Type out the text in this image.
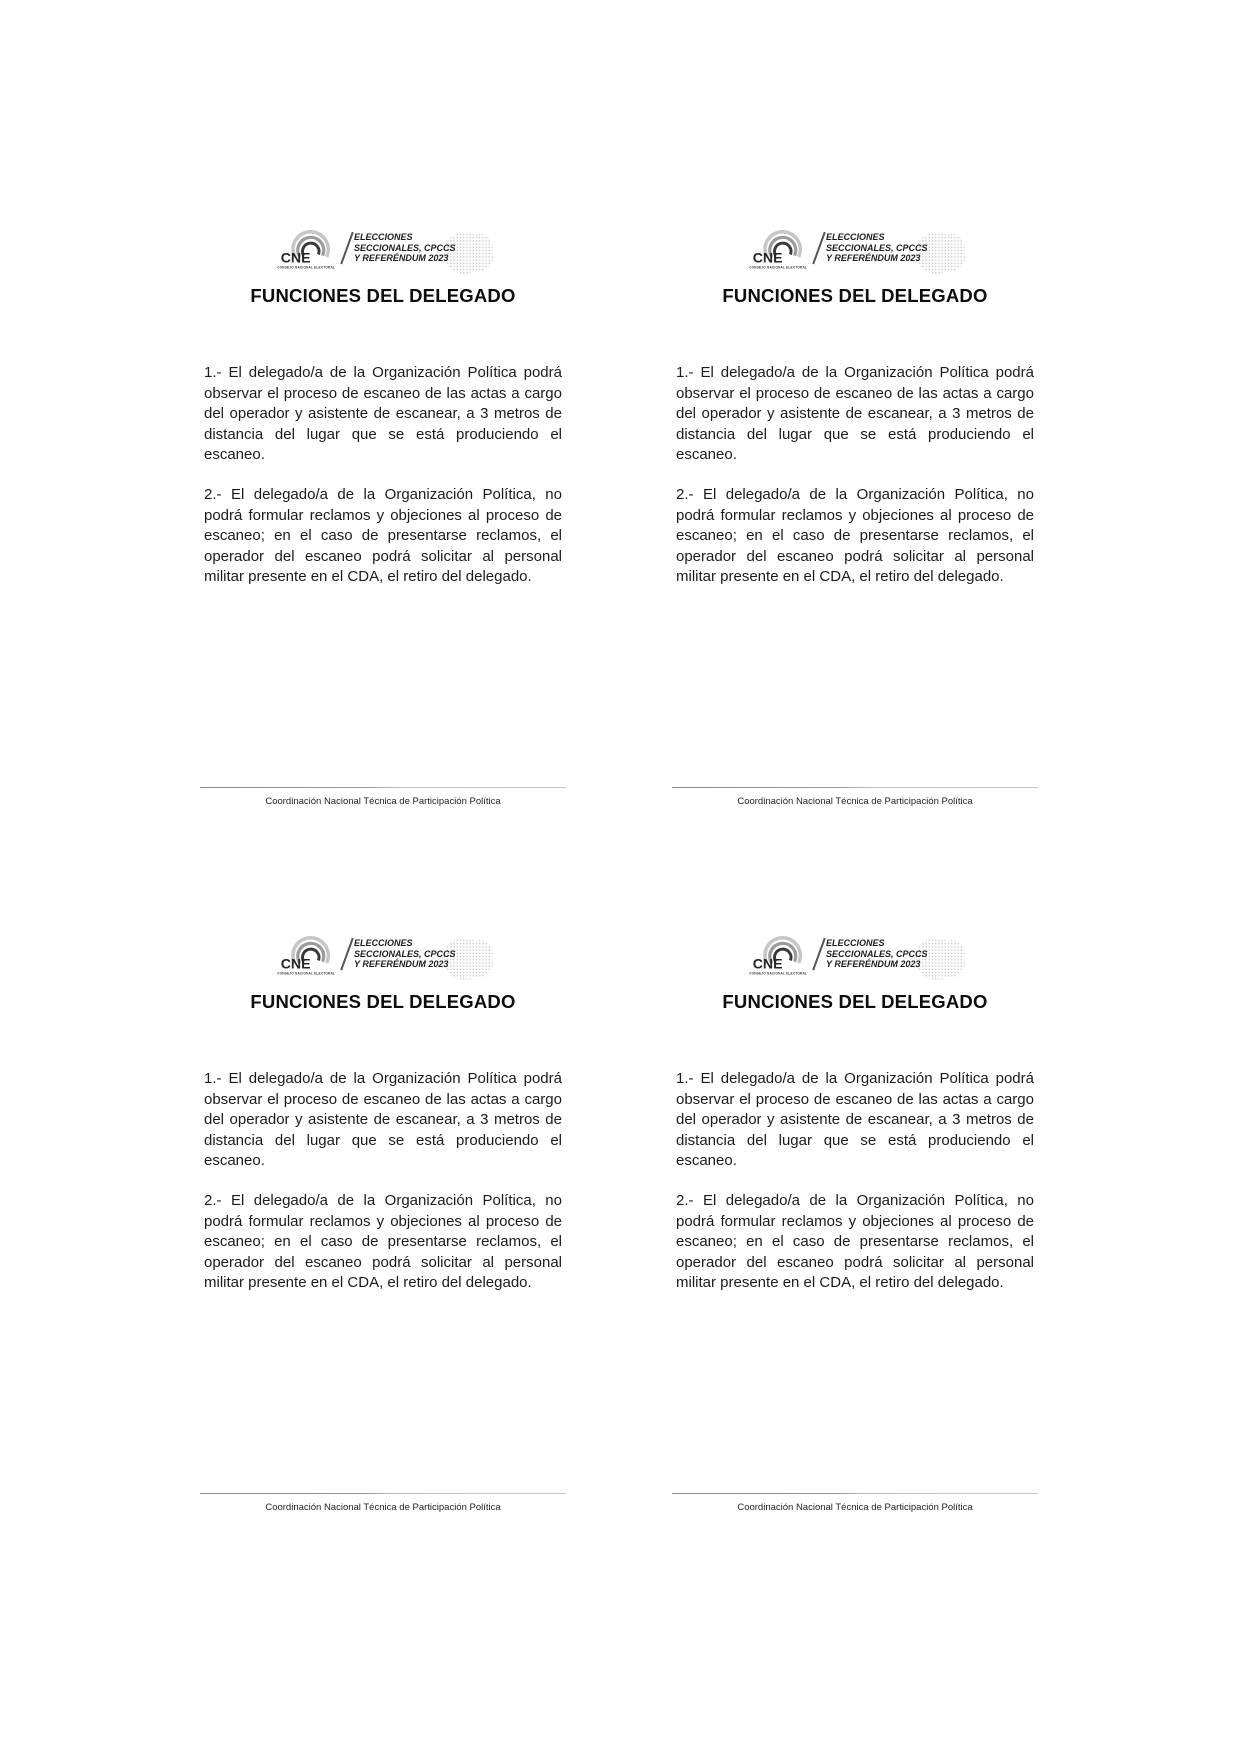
CNE
CONSEJO NACIONAL ELECTORAL
ELECCIONES
SECCIONALES, CPCCS
Y REFERÉNDUM 2023
FUNCIONES DEL DELEGADO

1.- El delegado/a de la Organización Política podrá observar el proceso de escaneo de las actas a cargo del operador y asistente de escanear, a 3 metros de distancia del lugar que se está produciendo el escaneo.

2.- El delegado/a de la Organización Política, no podrá formular reclamos y objeciones al proceso de escaneo; en el caso de presentarse reclamos, el operador del escaneo podrá solicitar al personal militar presente en el CDA, el retiro del delegado.

Coordinación Nacional Técnica de Participación Política
CNE
CONSEJO NACIONAL ELECTORAL
ELECCIONES
SECCIONALES, CPCCS
Y REFERÉNDUM 2023
FUNCIONES DEL DELEGADO

1.- El delegado/a de la Organización Política podrá observar el proceso de escaneo de las actas a cargo del operador y asistente de escanear, a 3 metros de distancia del lugar que se está produciendo el escaneo.

2.- El delegado/a de la Organización Política, no podrá formular reclamos y objeciones al proceso de escaneo; en el caso de presentarse reclamos, el operador del escaneo podrá solicitar al personal militar presente en el CDA, el retiro del delegado.

Coordinación Nacional Técnica de Participación Política
CNE
CONSEJO NACIONAL ELECTORAL
ELECCIONES
SECCIONALES, CPCCS
Y REFERÉNDUM 2023
FUNCIONES DEL DELEGADO

1.- El delegado/a de la Organización Política podrá observar el proceso de escaneo de las actas a cargo del operador y asistente de escanear, a 3 metros de distancia del lugar que se está produciendo el escaneo.

2.- El delegado/a de la Organización Política, no podrá formular reclamos y objeciones al proceso de escaneo; en el caso de presentarse reclamos, el operador del escaneo podrá solicitar al personal militar presente en el CDA, el retiro del delegado.

Coordinación Nacional Técnica de Participación Política
CNE
CONSEJO NACIONAL ELECTORAL
ELECCIONES
SECCIONALES, CPCCS
Y REFERÉNDUM 2023
FUNCIONES DEL DELEGADO

1.- El delegado/a de la Organización Política podrá observar el proceso de escaneo de las actas a cargo del operador y asistente de escanear, a 3 metros de distancia del lugar que se está produciendo el escaneo.

2.- El delegado/a de la Organización Política, no podrá formular reclamos y objeciones al proceso de escaneo; en el caso de presentarse reclamos, el operador del escaneo podrá solicitar al personal militar presente en el CDA, el retiro del delegado.

Coordinación Nacional Técnica de Participación Política
